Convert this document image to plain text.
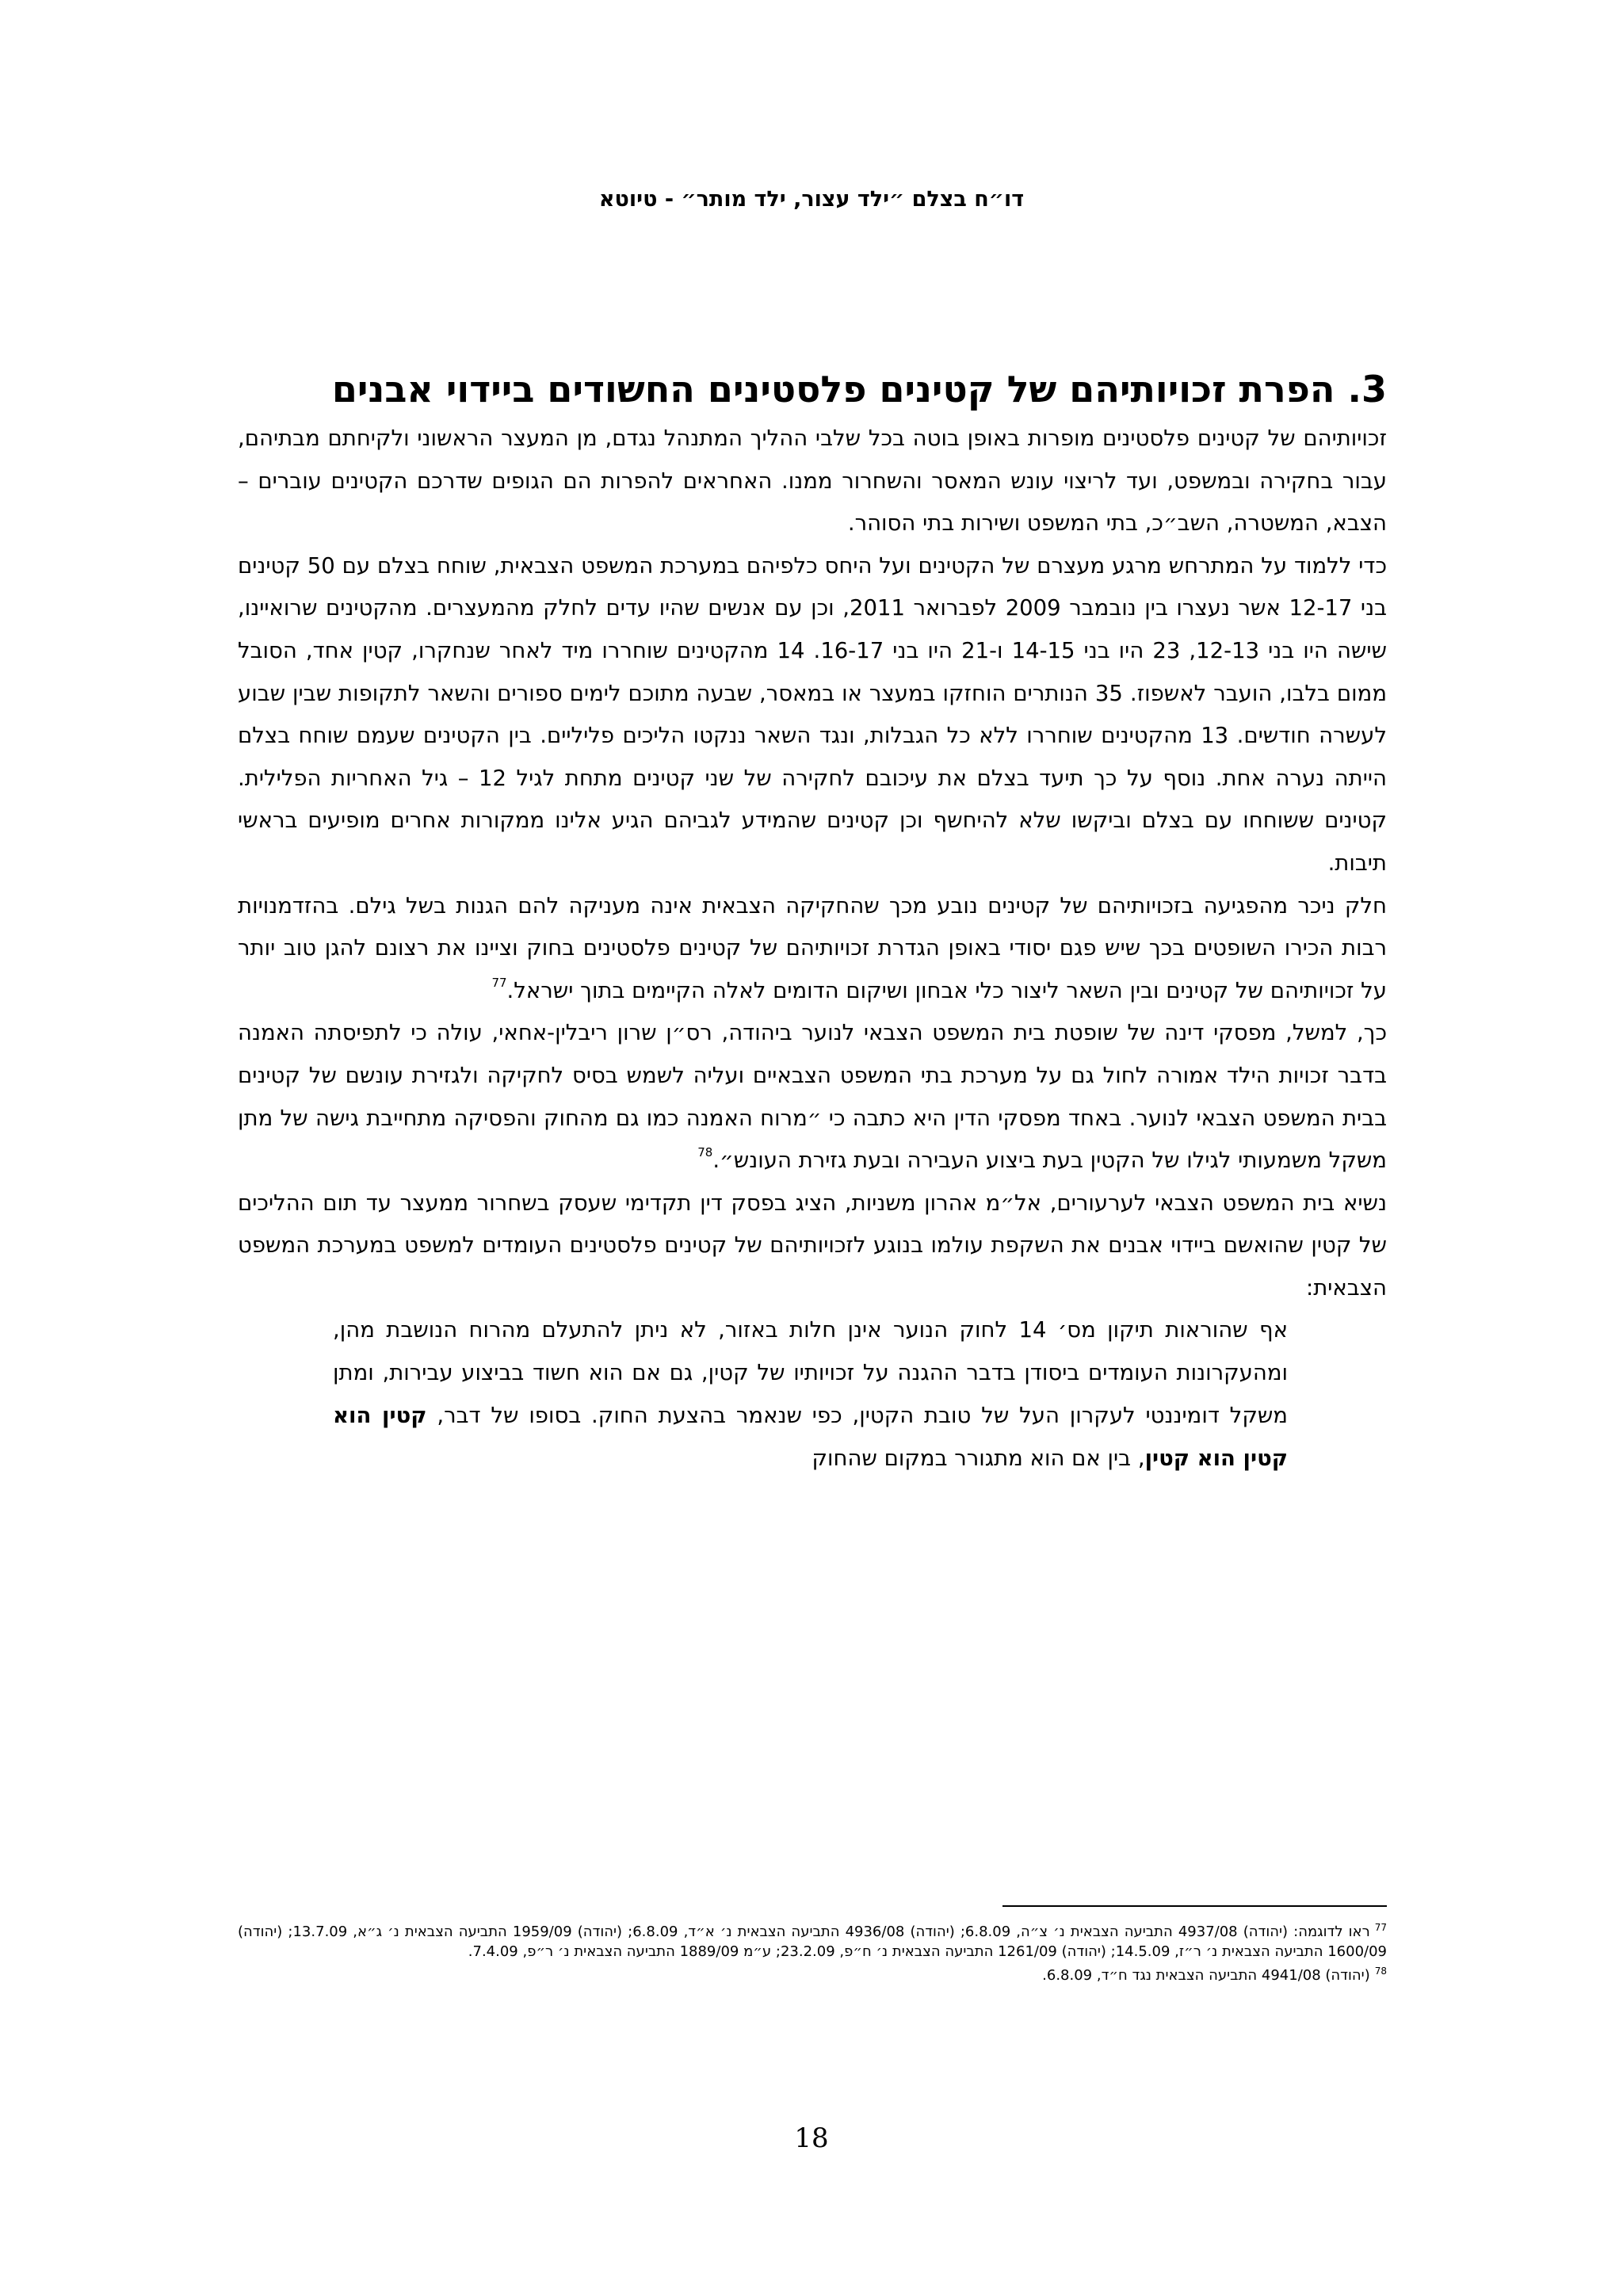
דו״ח בצלם ״ילד עצור, ילד מותר״ - טיוטא
3. הפרת זכויותיהם של קטינים פלסטינים החשודים ביידוי אבנים

זכויותיהם של קטינים פלסטינים מופרות באופן בוטה בכל שלבי ההליך המתנהל נגדם, מן המעצר הראשוני ולקיחתם מבתיהם, עבור בחקירה ובמשפט, ועד לריצוי עונש המאסר והשחרור ממנו. האחראים להפרות הם הגופים שדרכם הקטינים עוברים – הצבא, המשטרה, השב״כ, בתי המשפט ושירות בתי הסוהר.

כדי ללמוד על המתרחש מרגע מעצרם של הקטינים ועל היחס כלפיהם במערכת המשפט הצבאית, שוחח בצלם עם 50 קטינים בני 12-17 אשר נעצרו בין נובמבר 2009 לפברואר 2011, וכן עם אנשים שהיו עדים לחלק מהמעצרים. מהקטינים שרואיינו, שישה היו בני 12-13, 23 היו בני 14-15 ו-21 היו בני 16-17. 14 מהקטינים שוחררו מיד לאחר שנחקרו, קטין אחד, הסובל ממום בלבו, הועבר לאשפוז. 35 הנותרים הוחזקו במעצר או במאסר, שבעה מתוכם לימים ספורים והשאר לתקופות שבין שבוע לעשרה חודשים. 13 מהקטינים שוחררו ללא כל הגבלות, ונגד השאר ננקטו הליכים פליליים. בין הקטינים שעמם שוחח בצלם הייתה נערה אחת. נוסף על כך תיעד בצלם את עיכובם לחקירה של שני קטינים מתחת לגיל 12 – גיל האחריות הפלילית. קטינים ששוחחו עם בצלם וביקשו שלא להיחשף וכן קטינים שהמידע לגביהם הגיע אלינו ממקורות אחרים מופיעים בראשי תיבות.

חלק ניכר מהפגיעה בזכויותיהם של קטינים נובע מכך שהחקיקה הצבאית אינה מעניקה להם הגנות בשל גילם. בהזדמנויות רבות הכירו השופטים בכך שיש פגם יסודי באופן הגדרת זכויותיהם של קטינים פלסטינים בחוק וציינו את רצונם להגן טוב יותר על זכויותיהם של קטינים ובין השאר ליצור כלי אבחון ושיקום הדומים לאלה הקיימים בתוך ישראל.$^{77}$

כך, למשל, מפסקי דינה של שופטת בית המשפט הצבאי לנוער ביהודה, רס״ן שרון ריבלין-אחאי, עולה כי לתפיסתה האמנה בדבר זכויות הילד אמורה לחול גם על מערכת בתי המשפט הצבאיים ועליה לשמש בסיס לחקיקה ולגזירת עונשם של קטינים בבית המשפט הצבאי לנוער. באחד מפסקי הדין היא כתבה כי ״מרוח האמנה כמו גם מהחוק והפסיקה מתחייבת גישה של מתן משקל משמעותי לגילו של הקטין בעת ביצוע העבירה ובעת גזירת העונש״.$^{78}$

נשיא בית המשפט הצבאי לערעורים, אל״מ אהרון משניות, הציג בפסק דין תקדימי שעסק בשחרור ממעצר עד תום ההליכים של קטין שהואשם ביידוי אבנים את השקפת עולמו בנוגע לזכויותיהם של קטינים פלסטינים העומדים למשפט במערכת המשפט הצבאית:

אף שהוראות תיקון מס׳ 14 לחוק הנוער אינן חלות באזור, לא ניתן להתעלם מהרוח הנושבת מהן, ומהעקרונות העומדים ביסודן בדבר ההגנה על זכויותיו של קטין, גם אם הוא חשוד בביצוע עבירות, ומתן משקל דומיננטי לעקרון העל של טובת הקטין, כפי שנאמר בהצעת החוק. בסופו של דבר, קטין הוא קטין הוא קטין, בין אם הוא מתגורר במקום שהחוק

$^{77}$ראו לדוגמה: (יהודה) 4937/08 התביעה הצבאית נ׳ צ״ה, 6.8.09; (יהודה) 4936/08 התביעה הצבאית נ׳ א״ד, 6.8.09; (יהודה) 1959/09 התביעה הצבאית נ׳ ג״א, 13.7.09; (יהודה) 1600/09 התביעה הצבאית נ׳ ר״ז, 14.5.09; (יהודה) 1261/09 התביעה הצבאית נ׳ ח״פ, 23.2.09; ע״מ 1889/09 התביעה הצבאית נ׳ ר״פ, 7.4.09.

$^{78}$(יהודה) 4941/08 התביעה הצבאית נגד ח״ד, 6.8.09.

18
